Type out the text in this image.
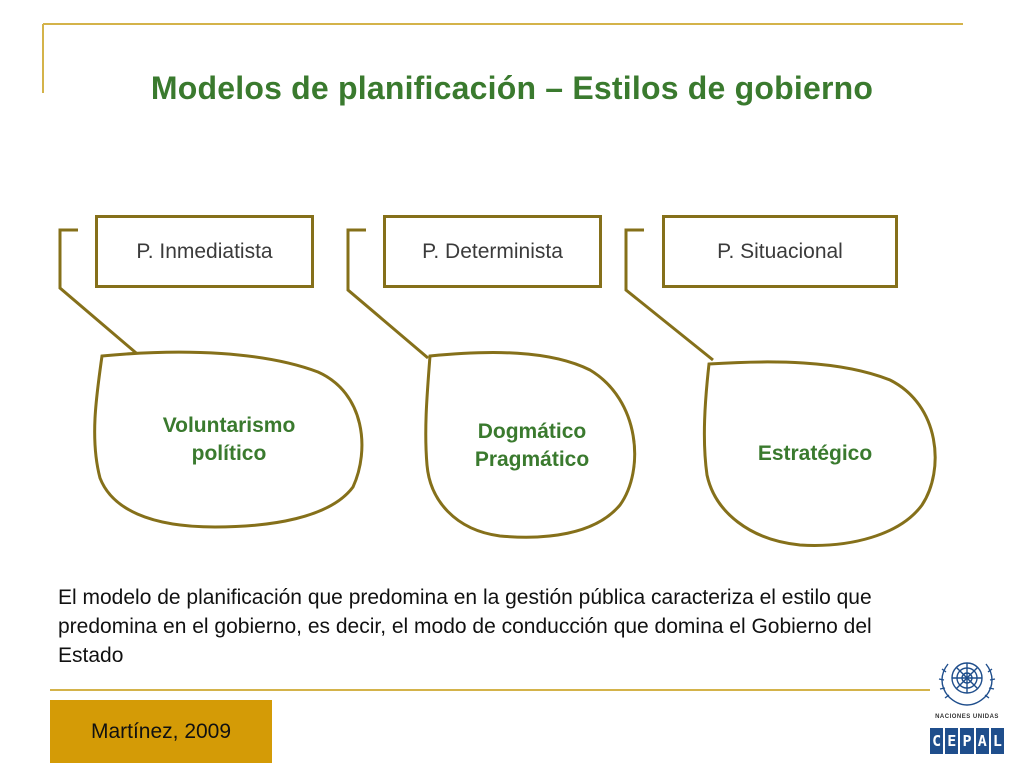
Modelos de planificación – Estilos de gobierno
P. Inmediatista	P. Determinista	P. Situacional
Voluntarismo
político
Dogmático
Pragmático	Estratégico
El modelo de planificación que predomina en la gestión pública caracteriza el estilo que predomina en el gobierno, es decir, el modo de conducción que domina el Gobierno del Estado
Martínez, 2009
NACIONES UNIDAS
C E P A L
